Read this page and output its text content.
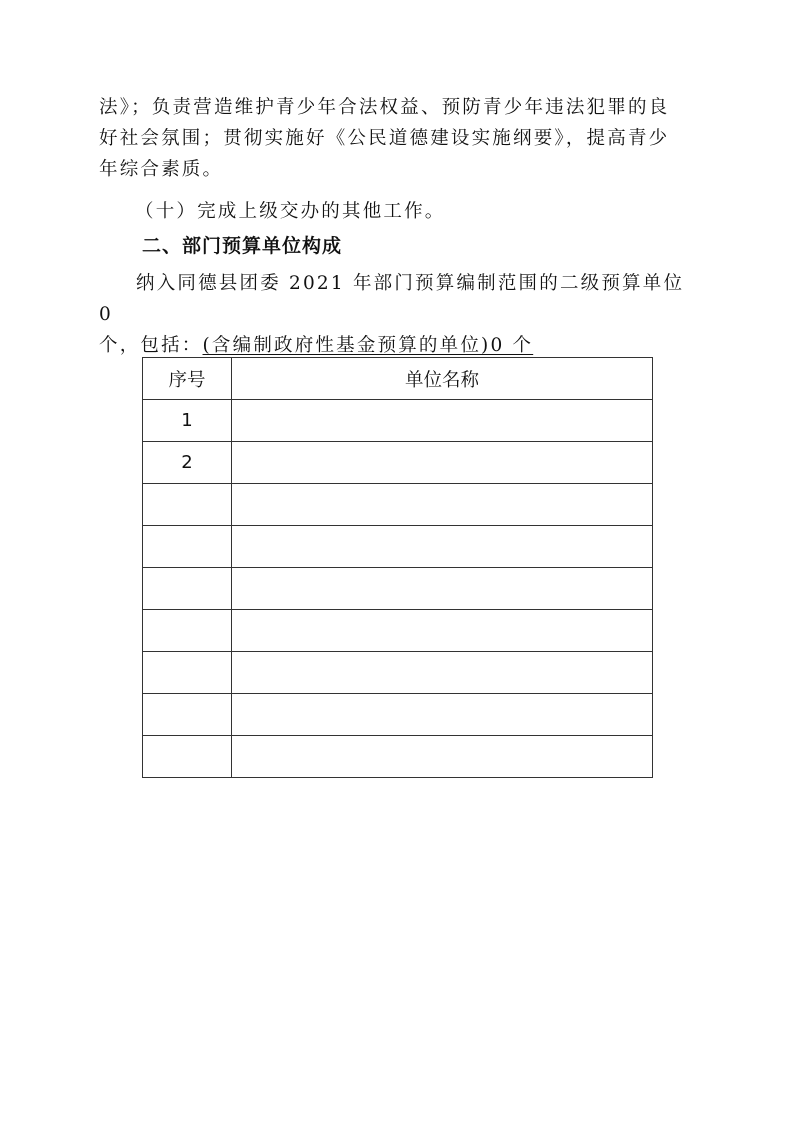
法》；负责营造维护青少年合法权益、预防青少年违法犯罪的良
好社会氛围；贯彻实施好《公民道德建设实施纲要》，提高青少
年综合素质。
（十）完成上级交办的其他工作。
二、部门预算单位构成
纳入同德县团委 2021 年部门预算编制范围的二级预算单位 0
个，包括：(含编制政府性基金预算的单位)0 个
序号	单位名称
1	
2	
